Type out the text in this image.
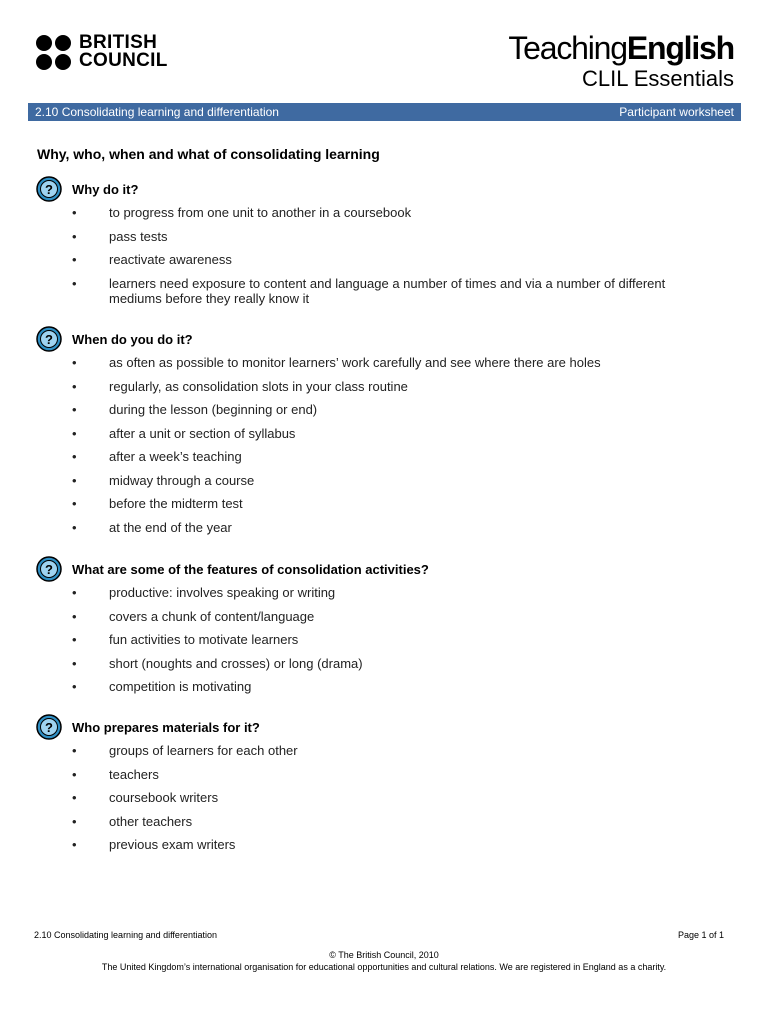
BRITISH
COUNCIL	TeachingEnglish
CLIL Essentials
2.10 Consolidating learning and differentiation	Participant worksheet
Why, who, when and what of consolidating learning
? Why do it?
• to progress from one unit to another in a coursebook
• pass tests
• reactivate awareness
• learners need exposure to content and language a number of times and via a number of different mediums before they really know it
? When do you do it?
• as often as possible to monitor learners’ work carefully and see where there are holes
• regularly, as consolidation slots in your class routine
• during the lesson (beginning or end)
• after a unit or section of syllabus
• after a week’s teaching
• midway through a course
• before the midterm test
• at the end of the year
? What are some of the features of consolidation activities?
• productive: involves speaking or writing
• covers a chunk of content/language
• fun activities to motivate learners
• short (noughts and crosses) or long (drama)
• competition is motivating
? Who prepares materials for it?
• groups of learners for each other
• teachers
• coursebook writers
• other teachers
• previous exam writers
2.10 Consolidating learning and differentiation	Page 1 of 1
© The British Council, 2010
The United Kingdom’s international organisation for educational opportunities and cultural relations. We are registered in England as a charity.
